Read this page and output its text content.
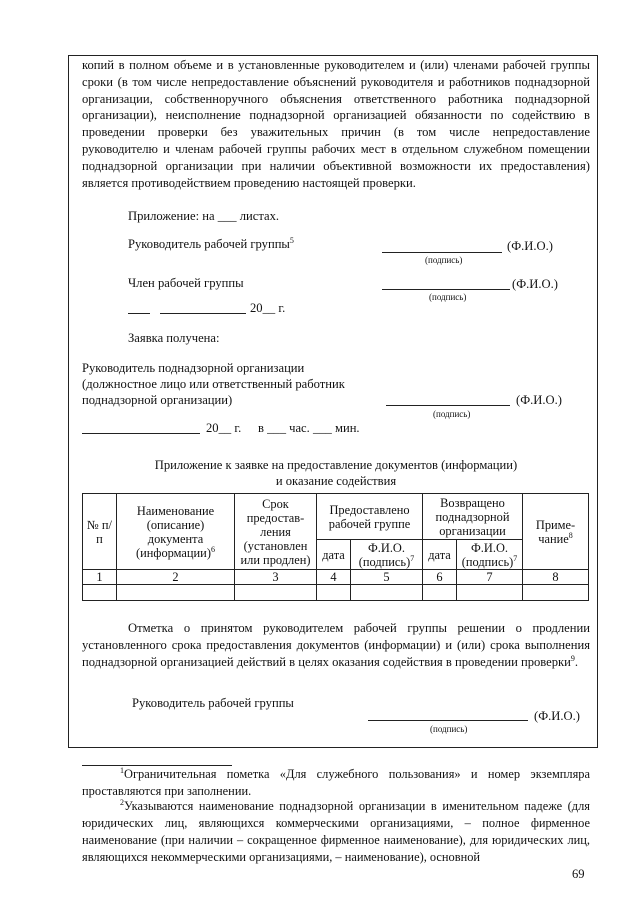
копий в полном объеме и в установленные руководителем и (или) членами рабочей группы сроки (в том числе непредоставление объяснений руководителя и работников поднадзорной организации, собственноручного объяснения ответственного работника поднадзорной организации), неисполнение поднадзорной организацией обязанности по содействию в проведении проверки без уважительных причин (в том числе непредоставление руководителю и членам рабочей группы рабочих мест в отдельном служебном помещении поднадзорной организации при наличии объективной возможности их предоставления) является противодействием проведению настоящей проверки.
Приложение: на ___ листах.
Руководитель рабочей группы$^5$	(Ф.И.О.)
(подпись)
Член рабочей группы	(Ф.И.О.)
(подпись)
20__ г.
Заявка получена:
Руководитель поднадзорной организации
(должностное лицо или ответственный работник
поднадзорной организации)	(Ф.И.О.)
(подпись)
20__ г. в ___ час. ___ мин.
Приложение к заявке на предоставление документов (информации)
и оказание содействия
№ п/п	Наименование (описание) документа (информации)$^6$	Срок предостав-ления (установлен или продлен)	Предоставлено рабочей группе		Возвращено поднадзорной организации		Приме-чание$^8$
			дата	Ф.И.О. (подпись)$^7$	дата	Ф.И.О. (подпись)$^7$
1	2	3	4	5	6	7	8

Отметка о принятом руководителем рабочей группы решении о продлении установленного срока предоставления документов (информации) и (или) срока выполнения поднадзорной организацией действий в целях оказания содействия в проведении проверки$^9$.
Руководитель рабочей группы
(Ф.И.О.)
(подпись)
$^1$Ограничительная пометка «Для служебного пользования» и номер экземпляра проставляются при заполнении.
$^2$Указываются наименование поднадзорной организации в именительном падеже (для юридических лиц, являющихся коммерческими организациями, – полное фирменное наименование (при наличии – сокращенное фирменное наименование), для юридических лиц, являющихся некоммерческими организациями, – наименование), основной
69
